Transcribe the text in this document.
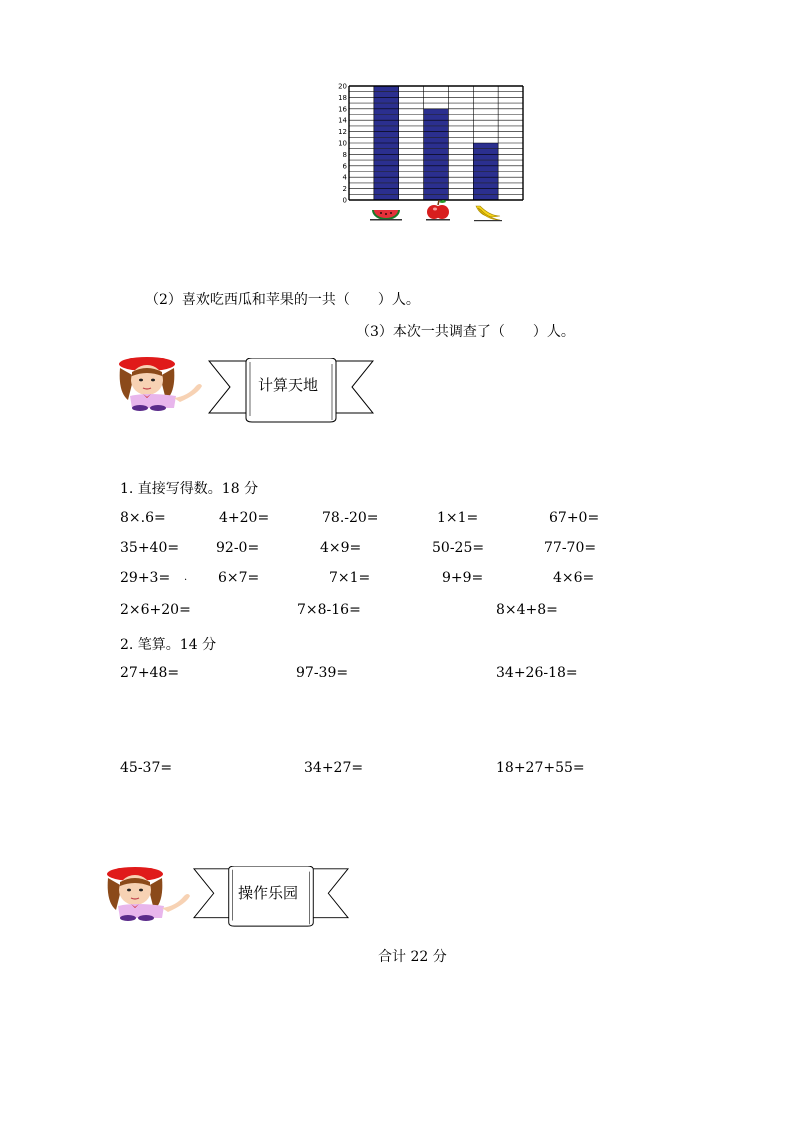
0
2
4
6
8
10
12
14
16
18
20
（2）喜欢吃西瓜和苹果的一共（　　）人。
（3）本次一共调查了（　　）人。
计算天地
1. 直接写得数。18 分
8×.6=	4+20=	78.-20=	1×1=	67+0=
35+40=	92-0=	4×9=	50-25=	77-70=
29+3= . 6×7=	7×1=	9+9=	4×6=
2×6+20=	7×8-16=	8×4+8=
2. 笔算。14 分
27+48=	97-39=	34+26-18=
45-37=	34+27=	18+27+55=
操作乐园
合计 22 分
